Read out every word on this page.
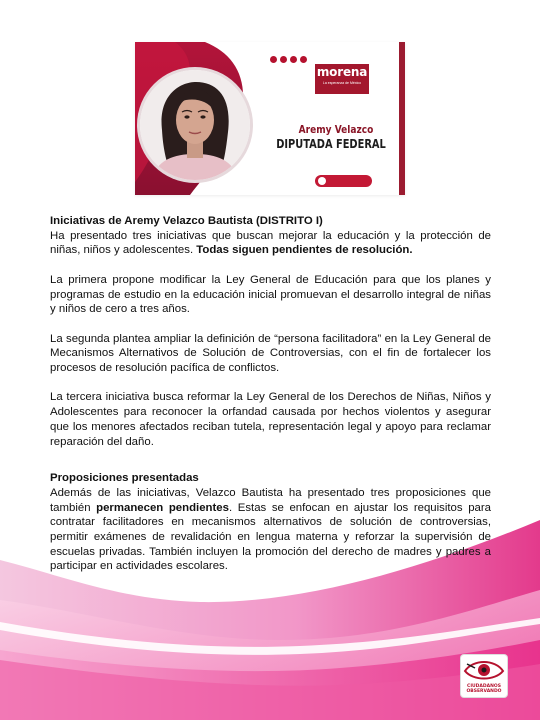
morena
La esperanza de México
Aremy Velazco
DIPUTADA FEDERAL

Iniciativas de Aremy Velazco Bautista (DISTRITO I)
Ha presentado tres iniciativas que buscan mejorar la educación y la protección de niñas, niños y adolescentes. Todas siguen pendientes de resolución.

La primera propone modificar la Ley General de Educación para que los planes y programas de estudio en la educación inicial promuevan el desarrollo integral de niñas y niños de cero a tres años.

La segunda plantea ampliar la definición de “persona facilitadora” en la Ley General de Mecanismos Alternativos de Solución de Controversias, con el fin de fortalecer los procesos de resolución pacífica de conflictos.

La tercera iniciativa busca reformar la Ley General de los Derechos de Niñas, Niños y Adolescentes para reconocer la orfandad causada por hechos violentos y asegurar que los menores afectados reciban tutela, representación legal y apoyo para reclamar reparación del daño.

Proposiciones presentadas
Además de las iniciativas, Velazco Bautista ha presentado tres proposiciones que también permanecen pendientes. Estas se enfocan en ajustar los requisitos para contratar facilitadores en mecanismos alternativos de solución de controversias, permitir exámenes de revalidación en lengua materna y reforzar la supervisión de escuelas privadas. También incluyen la promoción del derecho de madres y padres a participar en actividades escolares.

CIUDADANOS OBSERVANDO
